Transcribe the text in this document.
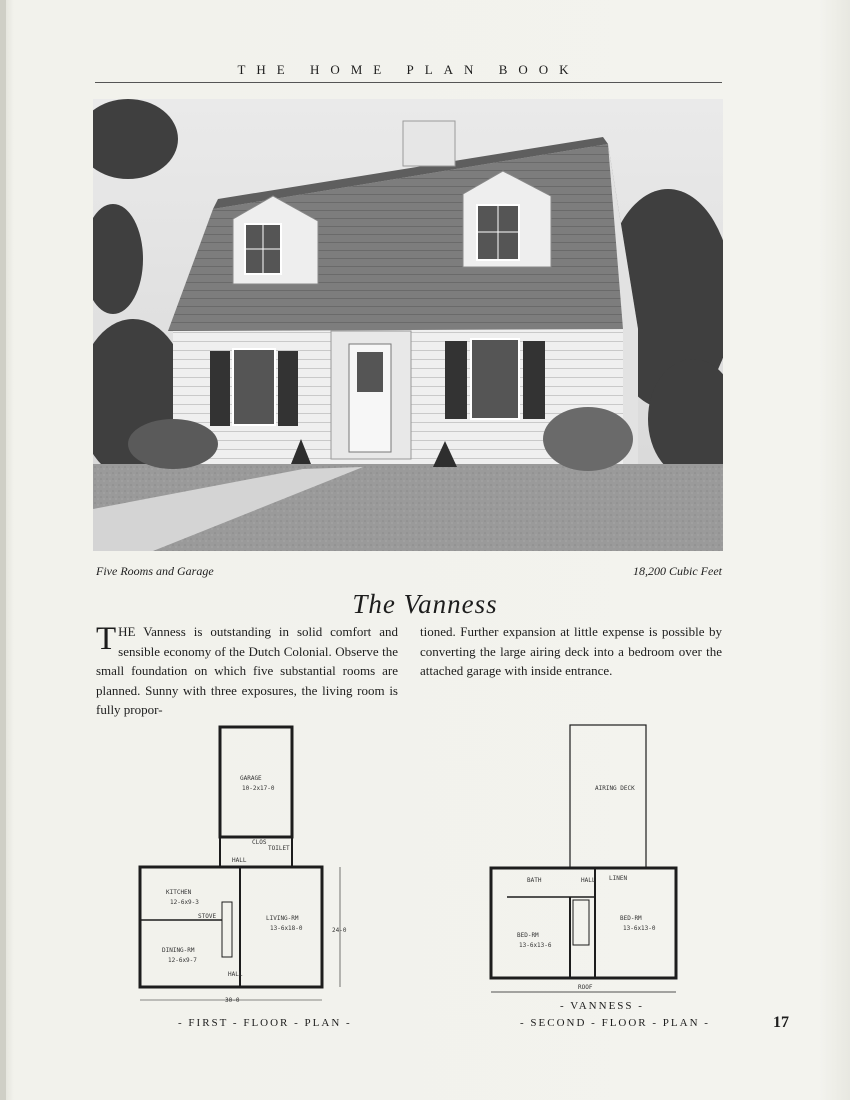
THE HOME PLAN BOOK
Five Rooms and Garage	18,200 Cubic Feet
The Vanness
THE Vanness is outstanding in solid comfort and sensible economy of the Dutch Colonial. Observe the small foundation on which five substantial rooms are planned. Sunny with three exposures, the living room is fully propor-
tioned. Further expansion at little expense is possible by converting the large airing deck into a bedroom over the attached garage with inside entrance.
GARAGE
10-2x17-0
HALL
TOILET
CLOS
KITCHEN
12-6x9-3
STOVE	LIVING-RM
13-6x18-0
DINING-RM
12-6x9-7
HALL
30-0
24-0
- FIRST - FLOOR - PLAN -
AIRING DECK
BATH	HALL LINEN
BED-RM
13-6x13-6
BED-RM
13-6x13-0
ROOF
- VANNESS -
- SECOND - FLOOR - PLAN -	17
